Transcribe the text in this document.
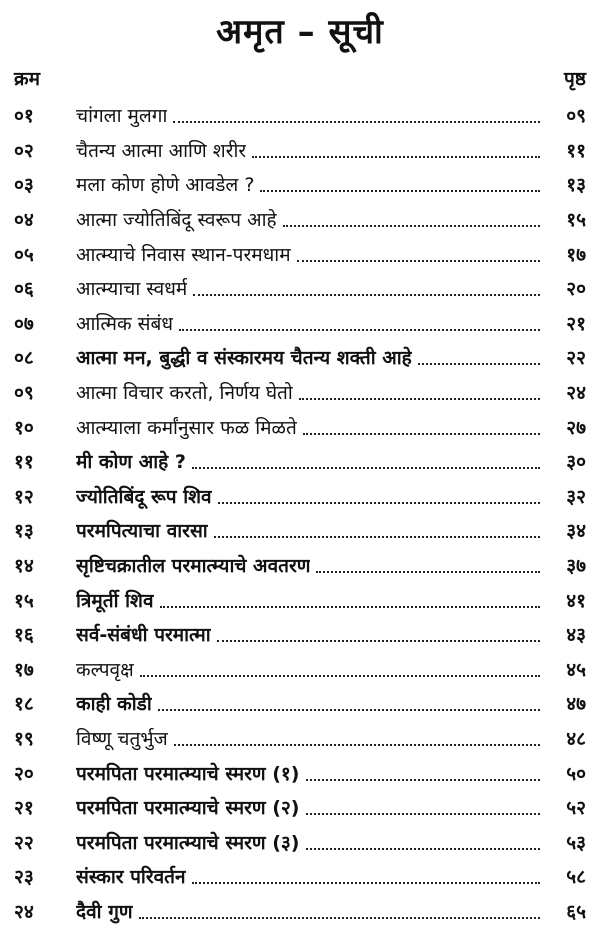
अमृत – सूची
क्रम	पृष्ठ
०१	चांगला मुलगा	०९
०२	चैतन्य आत्मा आणि शरीर	११
०३	मला कोण होणे आवडेल ?	१३
०४	आत्मा ज्योतिबिंदू स्वरूप आहे	१५
०५	आत्म्याचे निवास स्थान-परमधाम	१७
०६	आत्म्याचा स्वधर्म	२०
०७	आत्मिक संबंध	२१
०८	आत्मा मन, बुद्धी व संस्कारमय चैतन्य शक्ती आहे	२२
०९	आत्मा विचार करतो, निर्णय घेतो	२४
१०	आत्म्याला कर्मांनुसार फळ मिळते	२७
११	मी कोण आहे ?	३०
१२	ज्योतिबिंदू रूप शिव	३२
१३	परमपित्याचा वारसा	३४
१४	सृष्टिचक्रातील परमात्म्याचे अवतरण	३७
१५	त्रिमूर्ती शिव	४१
१६	सर्व-संबंधी परमात्मा	४३
१७	कल्पवृक्ष	४५
१८	काही कोडी	४७
१९	विष्णू चतुर्भुज	४८
२०	परमपिता परमात्म्याचे स्मरण (१)	५०
२१	परमपिता परमात्म्याचे स्मरण (२)	५२
२२	परमपिता परमात्म्याचे स्मरण (३)	५३
२३	संस्कार परिवर्तन	५८
२४	दैवी गुण	६५
